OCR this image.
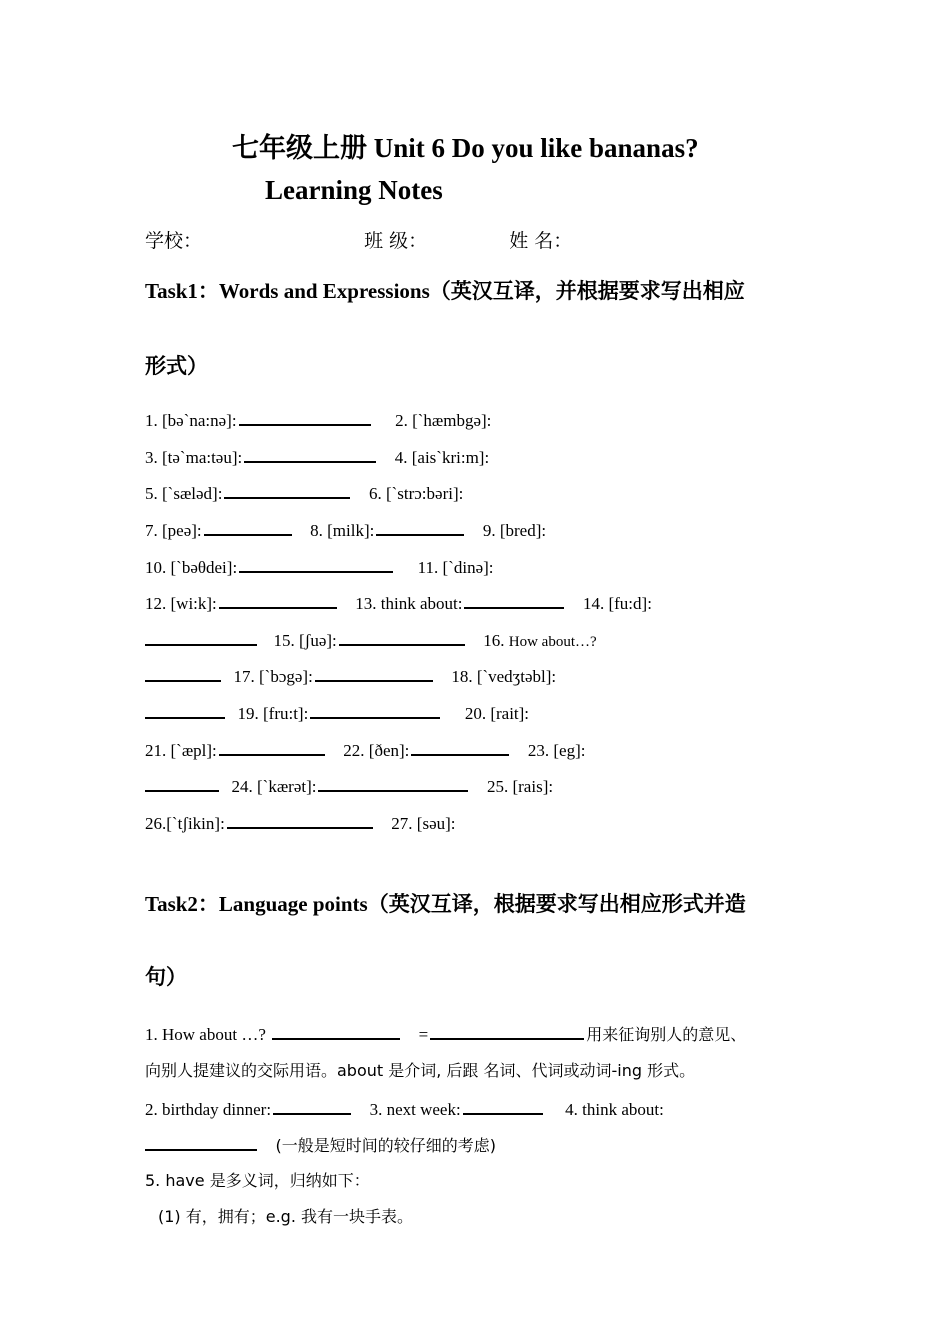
七年级上册 Unit 6 Do you like bananas?
Learning Notes
学校：	班 级：	姓 名：
Task1：Words and Expressions（英汉互译，并根据要求写出相应
形式）
1. [bə`na:nə]:	2. [`hæmbgə]:
3. [tə`ma:təu]:	4. [ais`kri:m]:
5. [`sæləd]:	6. [`strɔ:bəri]:
7. [peə]:	8. [milk]:	9. [bred]:
10. [`bəθdei]:	11. [`dinə]:
12. [wi:k]:	13. think about:	14. [fu:d]:
15. [ʃuə]:	16. How about…?
17. [`bɔgə]:	18. [`vedʒtəbl]:
19. [fru:t]:	20. [rait]:
21. [`æpl]:	22. [ðen]:	23. [eg]:
24. [`kærət]:	25. [rais]:
26.[`tʃikin]:	27. [səu]:
Task2：Language points（英汉互译，根据要求写出相应形式并造
句）
1. How about …?	=	用来征询别人的意见、
向别人提建议的交际用语。about 是介词, 后跟 名词、代词或动词-ing 形式。
2. birthday dinner:	3. next week:	4. think about:
(一般是短时间的较仔细的考虑)
5. have 是多义词，归纳如下：
(1) 有，拥有；e.g. 我有一块手表。
